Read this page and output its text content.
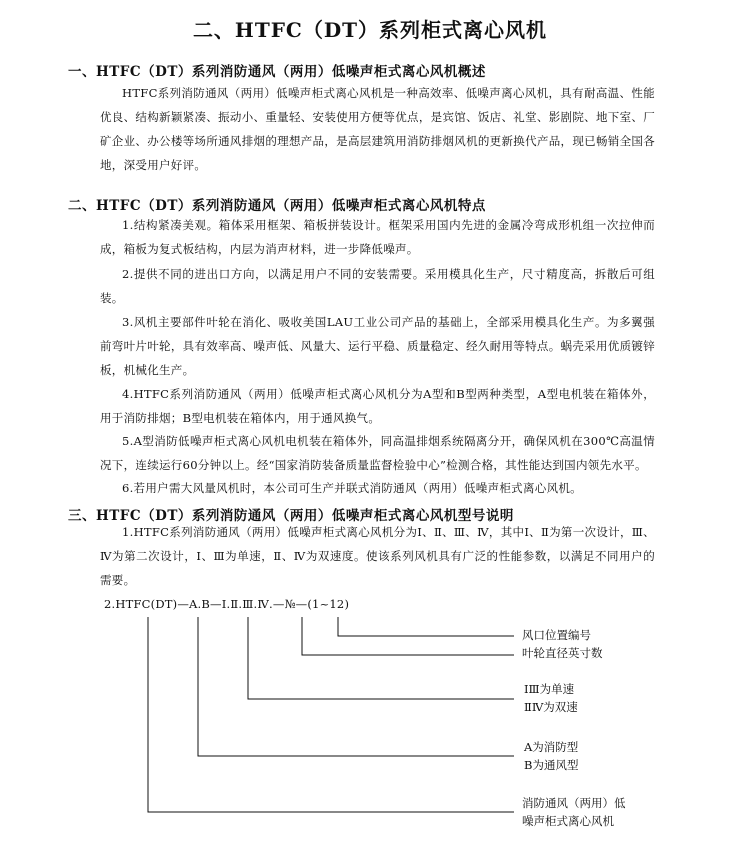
二、HTFC（DT）系列柜式离心风机
一、HTFC（DT）系列消防通风（两用）低噪声柜式离心风机概述
HTFC系列消防通风（两用）低噪声柜式离心风机是一种高效率、低噪声离心风机，具有耐高温、性能优良、结构新颖紧凑、振动小、重量轻、安装使用方便等优点，是宾馆、饭店、礼堂、影剧院、地下室、厂矿企业、办公楼等场所通风排烟的理想产品，是高层建筑用消防排烟风机的更新换代产品，现已畅销全国各地，深受用户好评。
二、HTFC（DT）系列消防通风（两用）低噪声柜式离心风机特点
1.结构紧凑美观。箱体采用框架、箱板拼装设计。框架采用国内先进的金属冷弯成形机组一次拉伸而成，箱板为复式板结构，内层为消声材料，进一步降低噪声。
2.提供不同的进出口方向，以满足用户不同的安装需要。采用模具化生产，尺寸精度高，拆散后可组装。
3.风机主要部件叶轮在消化、吸收美国LAU工业公司产品的基础上，全部采用模具化生产。为多翼强前弯叶片叶轮，具有效率高、噪声低、风量大、运行平稳、质量稳定、经久耐用等特点。蜗壳采用优质镀锌板，机械化生产。
4.HTFC系列消防通风（两用）低噪声柜式离心风机分为A型和B型两种类型，A型电机装在箱体外，用于消防排烟；B型电机装在箱体内，用于通风换气。
5.A型消防低噪声柜式离心风机电机装在箱体外，同高温排烟系统隔离分开，确保风机在300℃高温情况下，连续运行60分钟以上。经“国家消防装备质量监督检验中心”检测合格，其性能达到国内领先水平。
6.若用户需大风量风机时，本公司可生产并联式消防通风（两用）低噪声柜式离心风机。
三、HTFC（DT）系列消防通风（两用）低噪声柜式离心风机型号说明
1.HTFC系列消防通风（两用）低噪声柜式离心风机分为Ⅰ、Ⅱ、Ⅲ、Ⅳ，其中Ⅰ、Ⅱ为第一次设计，Ⅲ、Ⅳ为第二次设计，Ⅰ、Ⅲ为单速，Ⅱ、Ⅳ为双速度。使该系列风机具有广泛的性能参数，以满足不同用户的需要。
2.HTFC(DT)—A.B—Ⅰ.Ⅱ.Ⅲ.Ⅳ.—№—(1~12)
风口位置编号
叶轮直径英寸数
ⅠⅢ为单速
ⅡⅣ为双速
A为消防型
B为通风型
消防通风（两用）低
噪声柜式离心风机
